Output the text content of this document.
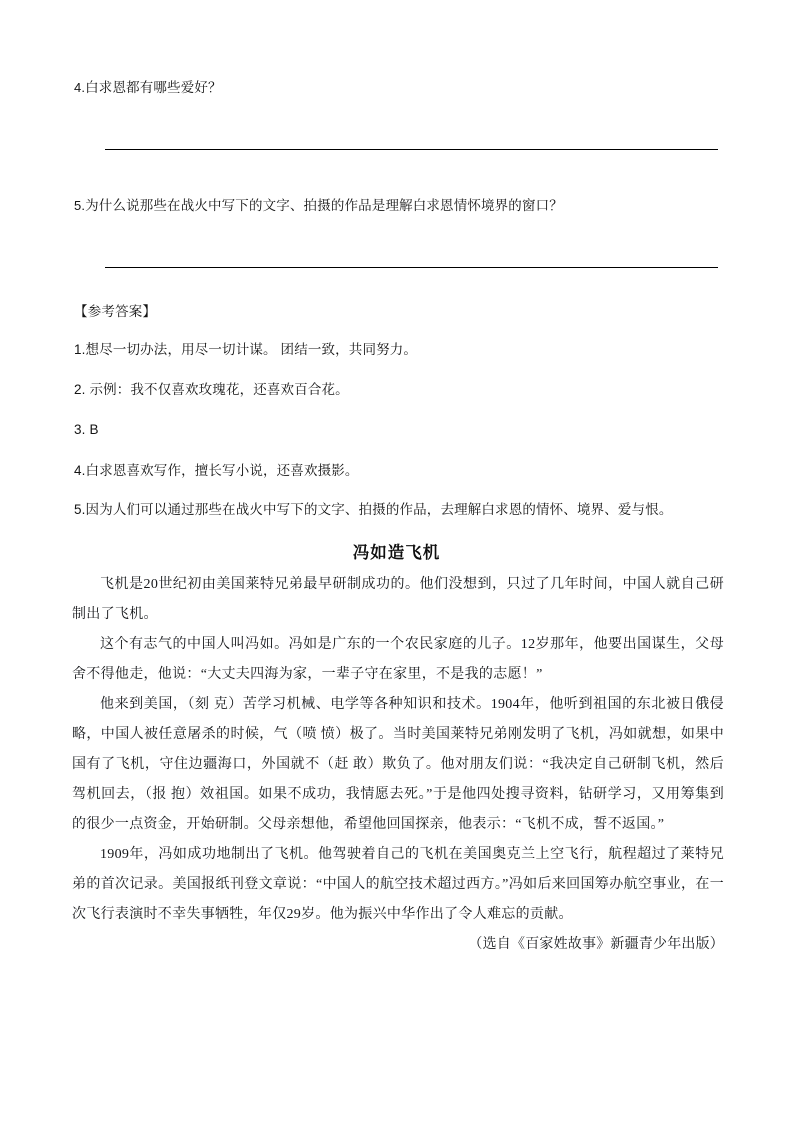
4.白求恩都有哪些爱好？
5.为什么说那些在战火中写下的文字、拍摄的作品是理解白求恩情怀境界的窗口？
【参考答案】
1.想尽一切办法，用尽一切计谋。 团结一致，共同努力。
2. 示例：我不仅喜欢玫瑰花，还喜欢百合花。
3. B
4.白求恩喜欢写作，擅长写小说，还喜欢摄影。
5.因为人们可以通过那些在战火中写下的文字、拍摄的作品，去理解白求恩的情怀、境界、爱与恨。
冯如造飞机

飞机是20世纪初由美国莱特兄弟最早研制成功的。他们没想到，只过了几年时间，中国人就自己研制出了飞机。

这个有志气的中国人叫冯如。冯如是广东的一个农民家庭的儿子。12岁那年，他要出国谋生，父母舍不得他走，他说：“大丈夫四海为家，一辈子守在家里，不是我的志愿！”

他来到美国，（刻 克）苦学习机械、电学等各种知识和技术。1904年，他听到祖国的东北被日俄侵略，中国人被任意屠杀的时候，气（喷 愤）极了。当时美国莱特兄弟刚发明了飞机，冯如就想，如果中国有了飞机，守住边疆海口，外国就不（赶 敢）欺负了。他对朋友们说：“我决定自己研制飞机，然后驾机回去，（报 抱）效祖国。如果不成功，我情愿去死。”于是他四处搜寻资料，钻研学习，又用筹集到的很少一点资金，开始研制。父母亲想他，希望他回国探亲，他表示：“飞机不成，誓不返国。”

1909年，冯如成功地制出了飞机。他驾驶着自己的飞机在美国奥克兰上空飞行，航程超过了莱特兄弟的首次记录。美国报纸刊登文章说：“中国人的航空技术超过西方。”冯如后来回国筹办航空事业，在一次飞行表演时不幸失事牺牲，年仅29岁。他为振兴中华作出了令人难忘的贡献。

（选自《百家姓故事》新疆青少年出版）
